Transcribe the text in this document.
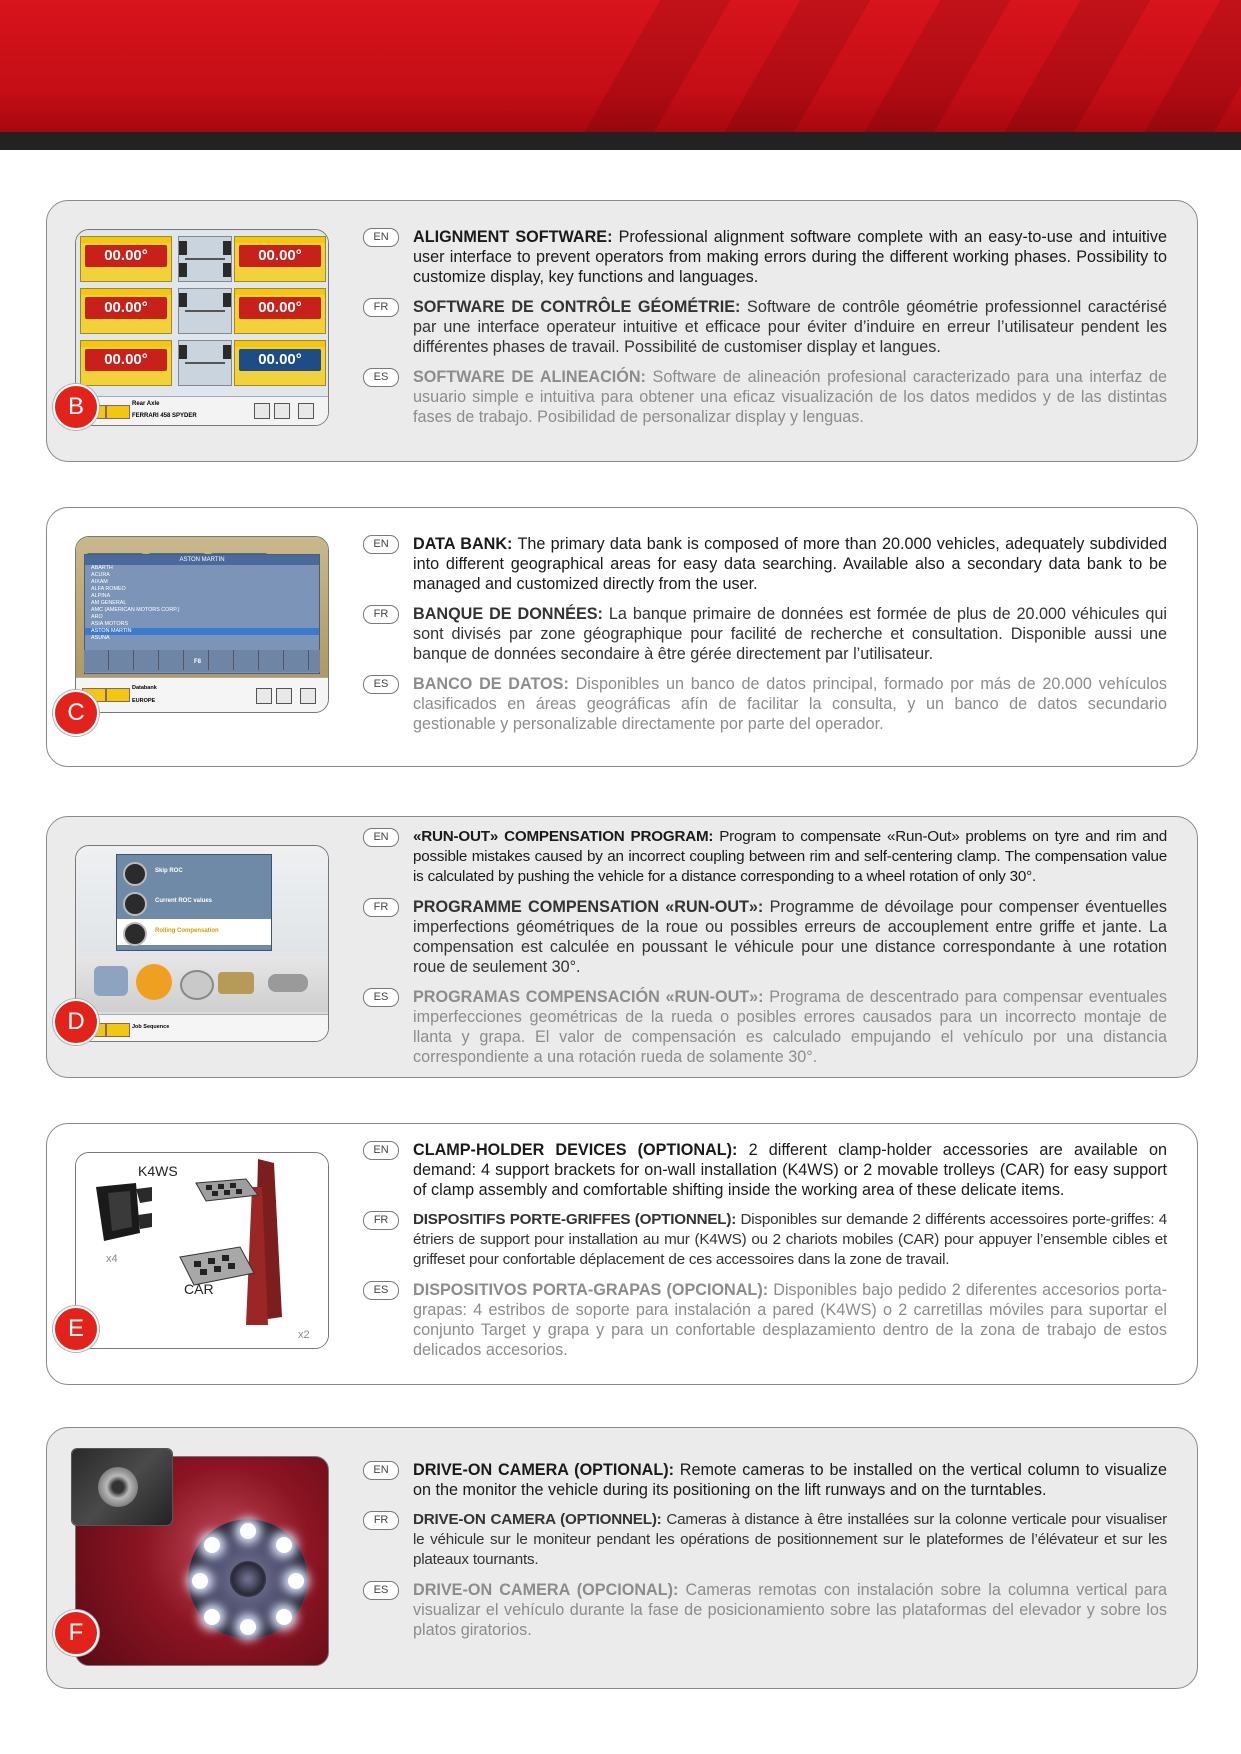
00.00°	00.00°
00.00°	00.00°
00.00°	00.00°
Rear Axle
FERRARI 458 SPYDER
B
EN	ALIGNMENT SOFTWARE: Professional alignment software complete with an easy-to-use and intuitive user interface to prevent operators from making errors during the different working phases. Possibility to customize display, key functions and languages.
FR	SOFTWARE DE CONTRÔLE GÉOMÉTRIE: Software de contrôle géométrie professionnel caractérisé par une interface operateur intuitive et efficace pour éviter d’induire en erreur l’utilisateur pendent les différentes phases de travail. Possibilité de customiser display et langues.
ES	SOFTWARE DE ALINEACIÓN: Software de alineación profesional caracterizado para una interfaz de usuario simple e intuitiva para obtener una eficaz visualización de los datos medidos y de las distintas fases de trabajo. Posibilidad de personalizar display y lenguas.
ASTON MARTIN
ABARTH
ACURA
AIXAM
ALFA ROMEO
ALPINA
AM GENERAL
AMC (AMERICAN MOTORS CORP.)
ARO
ASIA MOTORS
ASTON MARTIN
ASUNA
F8
Databank
EUROPE
C
EN	DATA BANK: The primary data bank is composed of more than 20.000 vehicles, adequately subdivided into different geographical areas for easy data searching. Available also a secondary data bank to be managed and customized directly from the user.
FR	BANQUE DE DONNÉES: La banque primaire de données est formée de plus de 20.000 véhicules qui sont divisés par zone géographique pour facilité de recherche et consultation. Disponible aussi une banque de données secondaire à être gérée directement par l’utilisateur.
ES	BANCO DE DATOS: Disponibles un banco de datos principal, formado por más de 20.000 vehículos clasificados en áreas geográficas afín de facilitar la consulta, y un banco de datos secundario gestionable y personalizable directamente por parte del operador.
Skip ROC
Current ROC values
Rolling Compensation
Job Sequence
D
EN	«RUN-OUT» COMPENSATION PROGRAM: Program to compensate «Run-Out» problems on tyre and rim and possible mistakes caused by an incorrect coupling between rim and self-centering clamp. The compensation value is calculated by pushing the vehicle for a distance corresponding to a wheel rotation of only 30°.
FR	PROGRAMME COMPENSATION «RUN-OUT»: Programme de dévoilage pour compenser éventuelles imperfections géométriques de la roue ou possibles erreurs de accouplement entre griffe et jante. La compensation est calculée en poussant le véhicule pour une distance correspondante à une rotation roue de seulement 30°.
ES	PROGRAMAS COMPENSACIÓN «RUN-OUT»: Programa de descentrado para compensar eventuales imperfecciones geométricas de la rueda o posibles errores causados para un incorrecto montaje de llanta y grapa. El valor de compensación es calculado empujando el vehículo por una distancia correspondiente a una rotación rueda de solamente 30°.
K4WS
x4
CAR
x2
E
EN	CLAMP-HOLDER DEVICES (OPTIONAL): 2 different clamp-holder accessories are available on demand: 4 support brackets for on-wall installation (K4WS) or 2 movable trolleys (CAR) for easy support of clamp assembly and comfortable shifting inside the working area of these delicate items.
FR	DISPOSITIFS PORTE-GRIFFES (OPTIONNEL): Disponibles sur demande 2 différents accessoires porte-griffes: 4 étriers de support pour installation au mur (K4WS) ou 2 chariots mobiles (CAR) pour appuyer l’ensemble cibles et griffeset pour confortable déplacement de ces accessoires dans la zone de travail.
ES	DISPOSITIVOS PORTA-GRAPAS (OPCIONAL): Disponibles bajo pedido 2 diferentes accesorios porta-grapas: 4 estribos de soporte para instalación a pared (K4WS) o 2 carretillas móviles para suportar el conjunto Target y grapa y para un confortable desplazamiento dentro de la zona de trabajo de estos delicados accesorios.
F
EN	DRIVE-ON CAMERA (OPTIONAL): Remote cameras to be installed on the vertical column to visualize on the monitor the vehicle during its positioning on the lift runways and on the turntables.
FR	DRIVE-ON CAMERA (OPTIONNEL): Cameras à distance à être installées sur la colonne verticale pour visualiser le véhicule sur le moniteur pendant les opérations de positionnement sur le plateformes de l’élévateur et sur les plateaux tournants.
ES	DRIVE-ON CAMERA (OPCIONAL): Cameras remotas con instalación sobre la columna vertical para visualizar el vehículo durante la fase de posicionamiento sobre las plataformas del elevador y sobre los platos giratorios.
